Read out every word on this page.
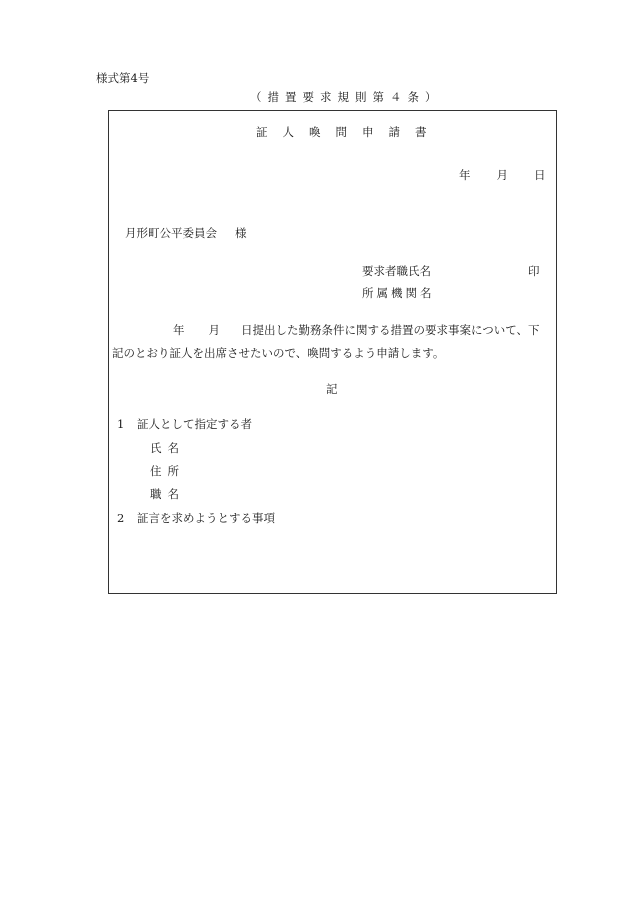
様式第4号
（措置要求規則第４条）
証人喚問申請書
年 月 日
月形町公平委員会 様
要求者職氏名	印
所属機関名
年 月 日提出した勤務条件に関する措置の要求事案について、下
記のとおり証人を出席させたいので、喚問するよう申請します。
記
1 証人として指定する者
氏名
住所
職名
2 証言を求めようとする事項
